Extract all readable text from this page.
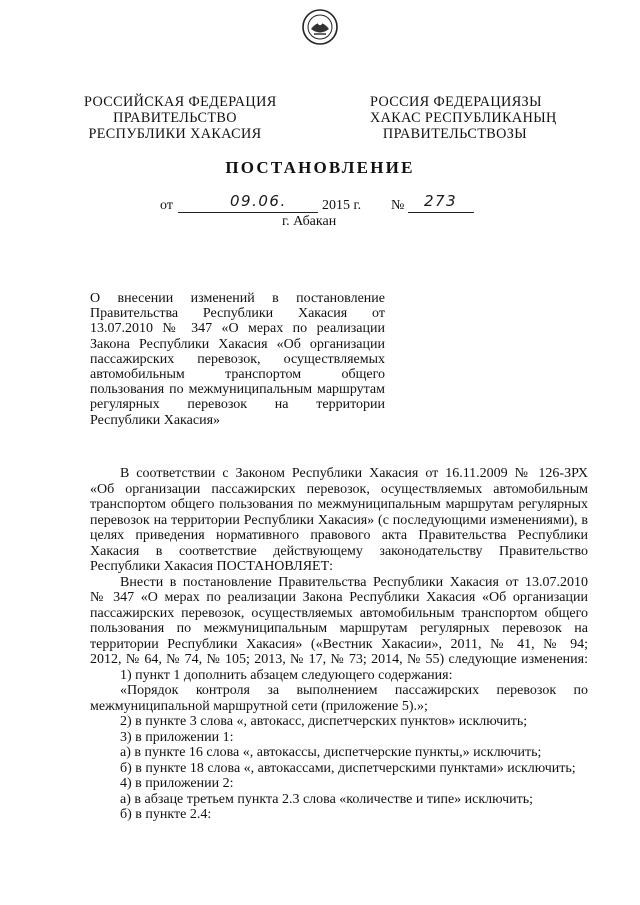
РОССИЙСКАЯ ФЕДЕРАЦИЯ
ПРАВИТЕЛЬСТВО
РЕСПУБЛИКИ ХАКАСИЯ
РОССИЯ ФЕДЕРАЦИЯЗЫ
ХАКАС РЕСПУБЛИКАНЫҢ
ПРАВИТЕЛЬСТВОЗЫ
ПОСТАНОВЛЕНИЕ
от	09.06.	2015 г. № 273
г. Абакан
О внесении изменений в постановление
Правительства Республики Хакасия от
13.07.2010 № 347 «О мерах по реализации
Закона Республики Хакасия «Об организации
пассажирских перевозок, осуществляемых
автомобильным транспортом общего
пользования по межмуниципальным маршрутам
регулярных перевозок на территории
Республики Хакасия»
В соответствии с Законом Республики Хакасия от 16.11.2009 № 126-ЗРХ
«Об организации пассажирских перевозок, осуществляемых автомобильным
транспортом общего пользования по межмуниципальным маршрутам регулярных
перевозок на территории Республики Хакасия» (с последующими изменениями), в
целях приведения нормативного правового акта Правительства Республики
Хакасия в соответствие действующему законодательству Правительство
Республики Хакасия ПОСТАНОВЛЯЕТ:
Внести в постановление Правительства Республики Хакасия от 13.07.2010
№ 347 «О мерах по реализации Закона Республики Хакасия «Об организации
пассажирских перевозок, осуществляемых автомобильным транспортом общего
пользования по межмуниципальным маршрутам регулярных перевозок на
территории Республики Хакасия» («Вестник Хакасии», 2011, № 41, № 94;
2012, № 64, № 74, № 105; 2013, № 17, № 73; 2014, № 55) следующие изменения:
1) пункт 1 дополнить абзацем следующего содержания:
«Порядок контроля за выполнением пассажирских перевозок по
межмуниципальной маршрутной сети (приложение 5).»;
2) в пункте 3 слова «, автокасс, диспетчерских пунктов» исключить;
3) в приложении 1:
а) в пункте 16 слова «, автокассы, диспетчерские пункты,» исключить;
б) в пункте 18 слова «, автокассами, диспетчерскими пунктами» исключить;
4) в приложении 2:
а) в абзаце третьем пункта 2.3 слова «количестве и типе» исключить;
б) в пункте 2.4:
